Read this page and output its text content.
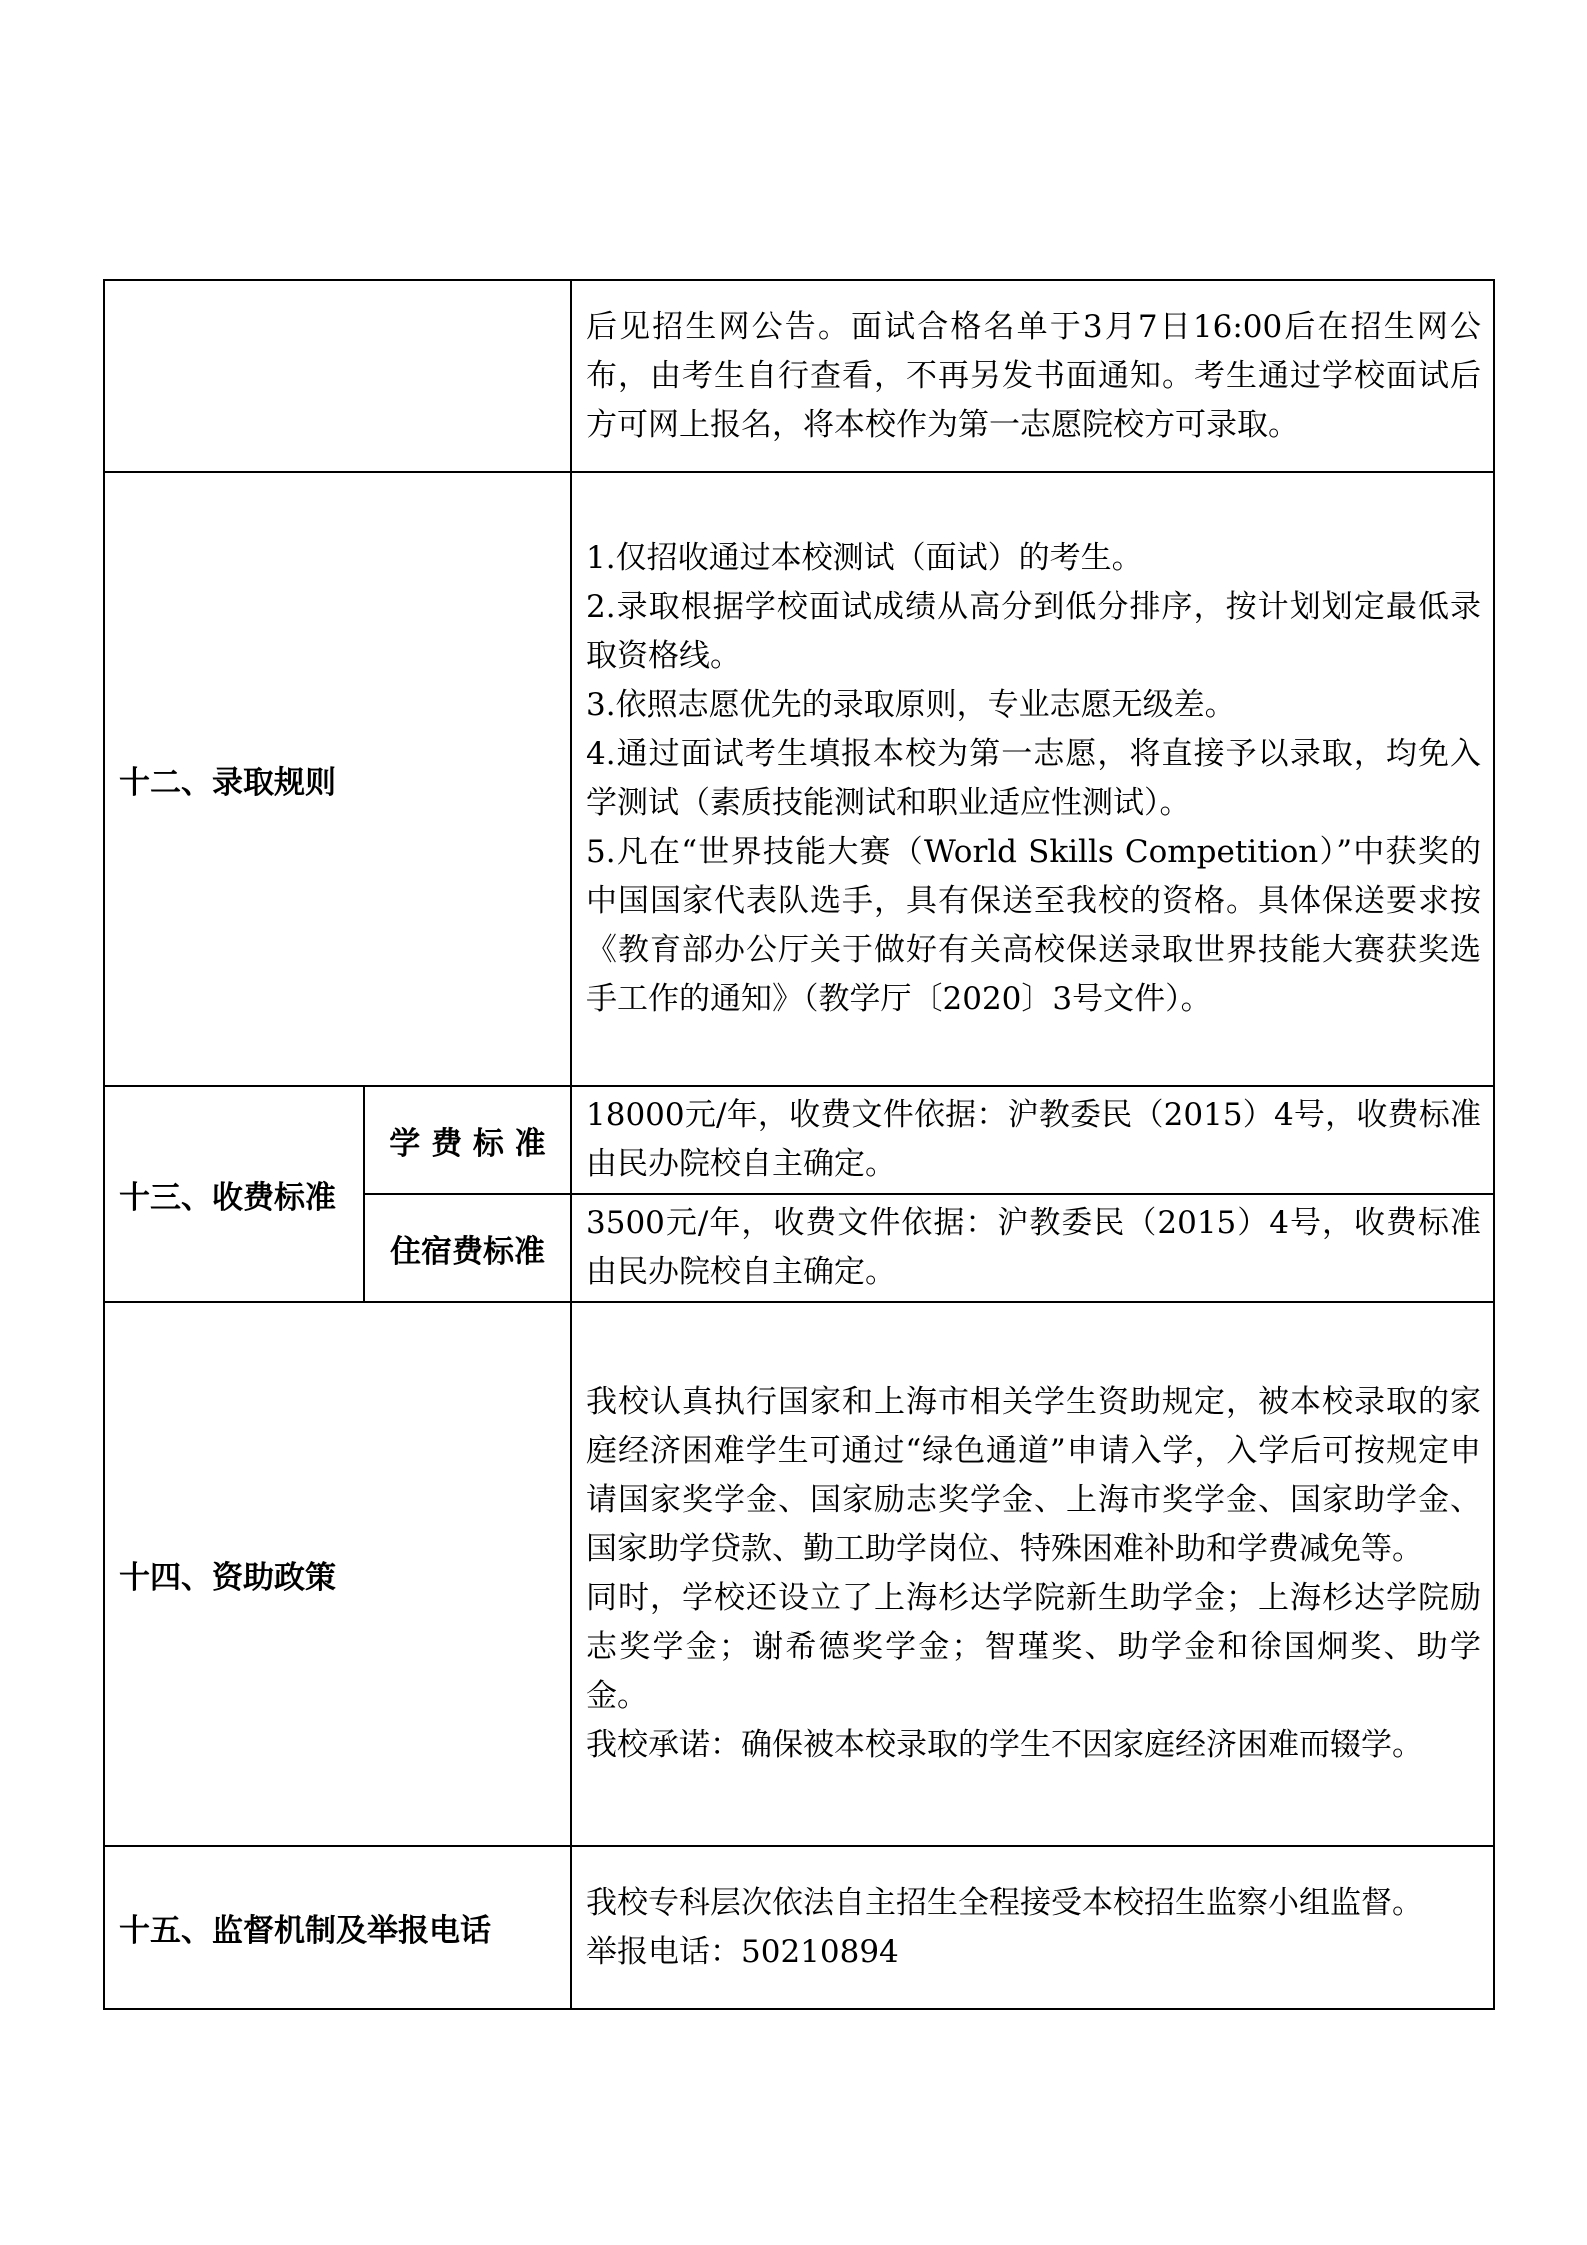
		后见招生网公告。面试合格名单于3月7日16:00后在招生网公布，由考生自行查看，不再另发书面通知。考生通过学校面试后方可网上报名，将本校作为第一志愿院校方可录取。
十二、录取规则		1.仅招收通过本校测试（面试）的考生。
2.录取根据学校面试成绩从高分到低分排序，按计划划定最低录取资格线。
3.依照志愿优先的录取原则，专业志愿无级差。
4.通过面试考生填报本校为第一志愿，将直接予以录取，均免入学测试（素质技能测试和职业适应性测试）。
5.凡在“世界技能大赛（World Skills Competition）”中获奖的中国国家代表队选手，具有保送至我校的资格。具体保送要求按《教育部办公厅关于做好有关高校保送录取世界技能大赛获奖选手工作的通知》（教学厅〔2020〕3号文件）。

十三、收费标准	学 费 标 准	18000元/年，收费文件依据：沪教委民（2015）4号，收费标准由民办院校自主确定。
	住宿费标准	3500元/年，收费文件依据：沪教委民（2015）4号，收费标准由民办院校自主确定。
十四、资助政策		我校认真执行国家和上海市相关学生资助规定，被本校录取的家庭经济困难学生可通过“绿色通道”申请入学，入学后可按规定申请国家奖学金、国家励志奖学金、上海市奖学金、国家助学金、国家助学贷款、勤工助学岗位、特殊困难补助和学费减免等。
同时，学校还设立了上海杉达学院新生助学金；上海杉达学院励志奖学金；谢希德奖学金；智瑾奖、助学金和徐国炯奖、助学金。
我校承诺：确保被本校录取的学生不因家庭经济困难而辍学。

十五、监督机制及举报电话		我校专科层次依法自主招生全程接受本校招生监察小组监督。
举报电话：50210894
